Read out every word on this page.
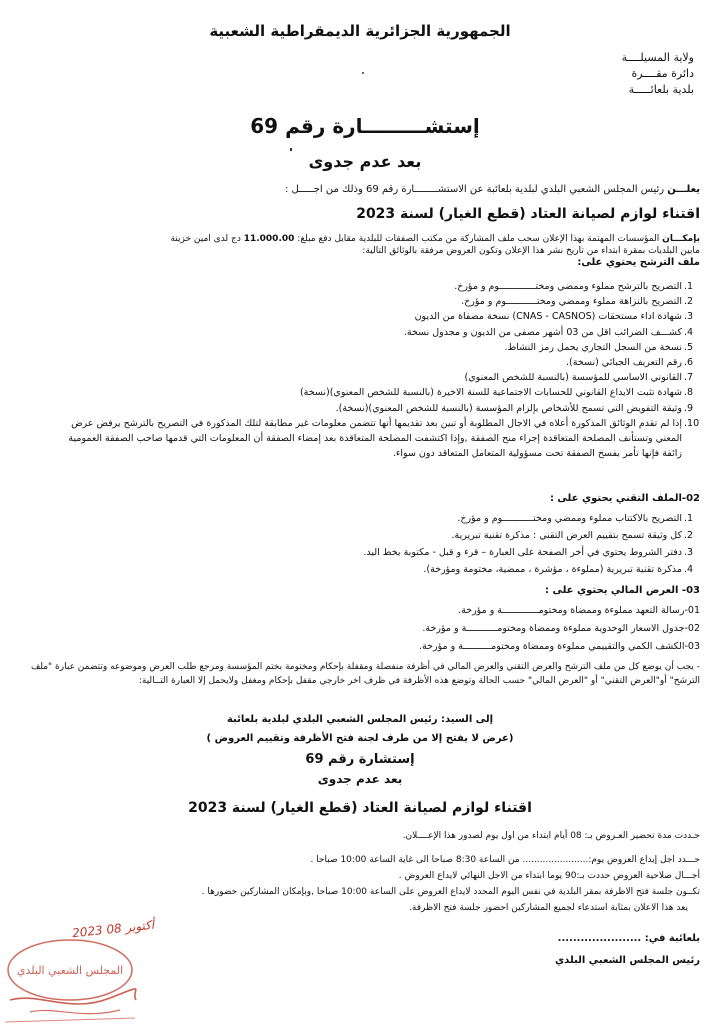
الجمهورية الجزائرية الديمقراطية الشعبية
ولاية المسيلــــة
دائرة مقــــرة
بلدية بلعائـــــة
إستشـــــــــارة رقم 69
بعد عدم جدوى
يعلـــن رئيس المجلس الشعبي البلدي لبلدية بلعائبة عن الاستشــــــــارة رقم 69 وذلك من اجـــــل :
اقتناء لوازم لصيانة العتاد (قطع الغيار) لسنة 2023
بإمكـــان المؤسسات المهتمة بهذا الإعلان سحب ملف المشاركة من مكتب الصفقات للبلدية مقابل دفع مبلغ: 11.000.00 دج لدى امين خزينة
مابين البلديات بمقرة ابتداء من تاريخ نشر هذا الإعلان وتكون العروض مرفقة بالوثائق التالية:
ملف الترشح يحتوي على:
1.
التصريح بالترشح مملوء وممضي ومختـــــــــــــوم و مؤرخ.
2.
التصريح بالنزاهة مملوء وممضي ومختـــــــــــوم و مؤرخ.
3.
شهادة اداء مستحقات (CNAS - CASNOS) نسخة مصفاة من الديون
4.
كشـــف الضرائب اقل من 03 أشهر مصفى من الديون و مجدول نسخة.
5.
نسخة من السجل التجاري يحمل رمز النشاط.
6.
رقم التعريف الجبائي (نسخة).
7.
القانوني الاساسي للمؤسسة (بالنسبة للشخص المعنوي)
8.
شهادة تثبت الايداع القانوني للحسابات الاجتماعية للسنة الاخيرة (بالنسبة للشخص المعنوي)(نسخة)
9.
وثيقة التفويض التي تسمح للأشخاص بإلزام المؤسسة (بالنسبة للشخص المعنوي)(نسخة).
10.
إذا لم تقدم الوثائق المذكورة أعلاه في الاجال المطلوبة أو تبين بعد تقديمها أنها تتضمن معلومات غير مطابقة لتلك المذكورة في التصريح بالترشح يرفض عرض المعني وتستأنف المصلحة المتعاقدة إجراء منح الصفقة ,وإذا اكتشفت المصلحة المتعاقدة بعد إمضاء الصفقة أن المعلومات التي قدمها صاحب الصفقة العمومية زائفة فإنها تأمر بفسخ الصفقة تحت مسؤولية المتعامل المتعاقد دون سواء.
02-الملف التقني يحتوي على :
1.
التصريح بالاكتتاب مملوء وممضي ومختـــــــــــوم و مؤرخ.
2.
كل وثيقة تسمح بتقييم العرض التقني : مذكرة تقنية تبريرية.
3.
دفتر الشروط يحتوي في أخر الصفحة على العبارة – قرء و قبل - مكتوبة بخط اليد.
4.
مذكرة تقنية تبريرية (مملوءة ، مؤشرة ، ممضية، مختومة ومؤرخة).
03- العرض المالي يحتوي على :
01-رسالة التعهد مملوءة وممضاة ومختومـــــــــــــة و مؤرخة.
02-جدول الاسعار الوحدوية مملوءة وممضاة ومختومـــــــــــة و مؤرخة.
03-الكشف الكمي والتقييمي مملوءة وممضاة ومختومــــــــــة و مؤرخة.
- يجب أن يوضع كل من ملف الترشح والعرض التقني والعرض المالي في أظرفة منفصلة ومقفلة بإحكام ومختومة بختم المؤسسة ومرجع طلب العرض وموضوعه وتتضمن عبارة "ملف الترشح" أو"العرض التقني" أو "العرض المالي" حسب الحالة وتوضع هذه الأظرفة في ظرف اخر خارجي مقفل بإحكام ومغفل ولايحمل إلا العبارة التــالية:
إلى السيد: رئيس المجلس الشعبي البلدي لبلدية بلعائبة
(عرض لا يفتح إلا من طرف لجنة فتح الأظرفة وتقييم العروض )
إستشارة رقم 69
بعد عدم جدوى
اقتناء لوازم لصيانة العتاد (قطع الغيار) لسنة 2023
حـددت مدة تحضير العـروض بـ: 08 أيام ابتداء من اول يوم لصدور هذا الإعــــلان.
حـــدد اجل إيداع العروض يوم:....................... من الساعة 8:30 صباحا الى غاية الساعة 10:00 صباحا .
أجـــال صلاحية العروض حددت بـ:90 يوما ابتداء من الاجل النهائي لايداع العروض .
تكــون جلسة فتح الاظرفة بمقر البلدية في نفس اليوم المحدد لايداع العروض على الساعة 10:00 صباحا ,وبإمكان المشاركين حضورها .
يعد هذا الاعلان بمثابة استدعاء لجميع المشاركين احضور جلسة فتح الاظرفة.
بلعائبة في: ......................
رئيس المجلس الشعبي البلدي
2023 أكتوبر 08
المجلس الشعبي البلدي
